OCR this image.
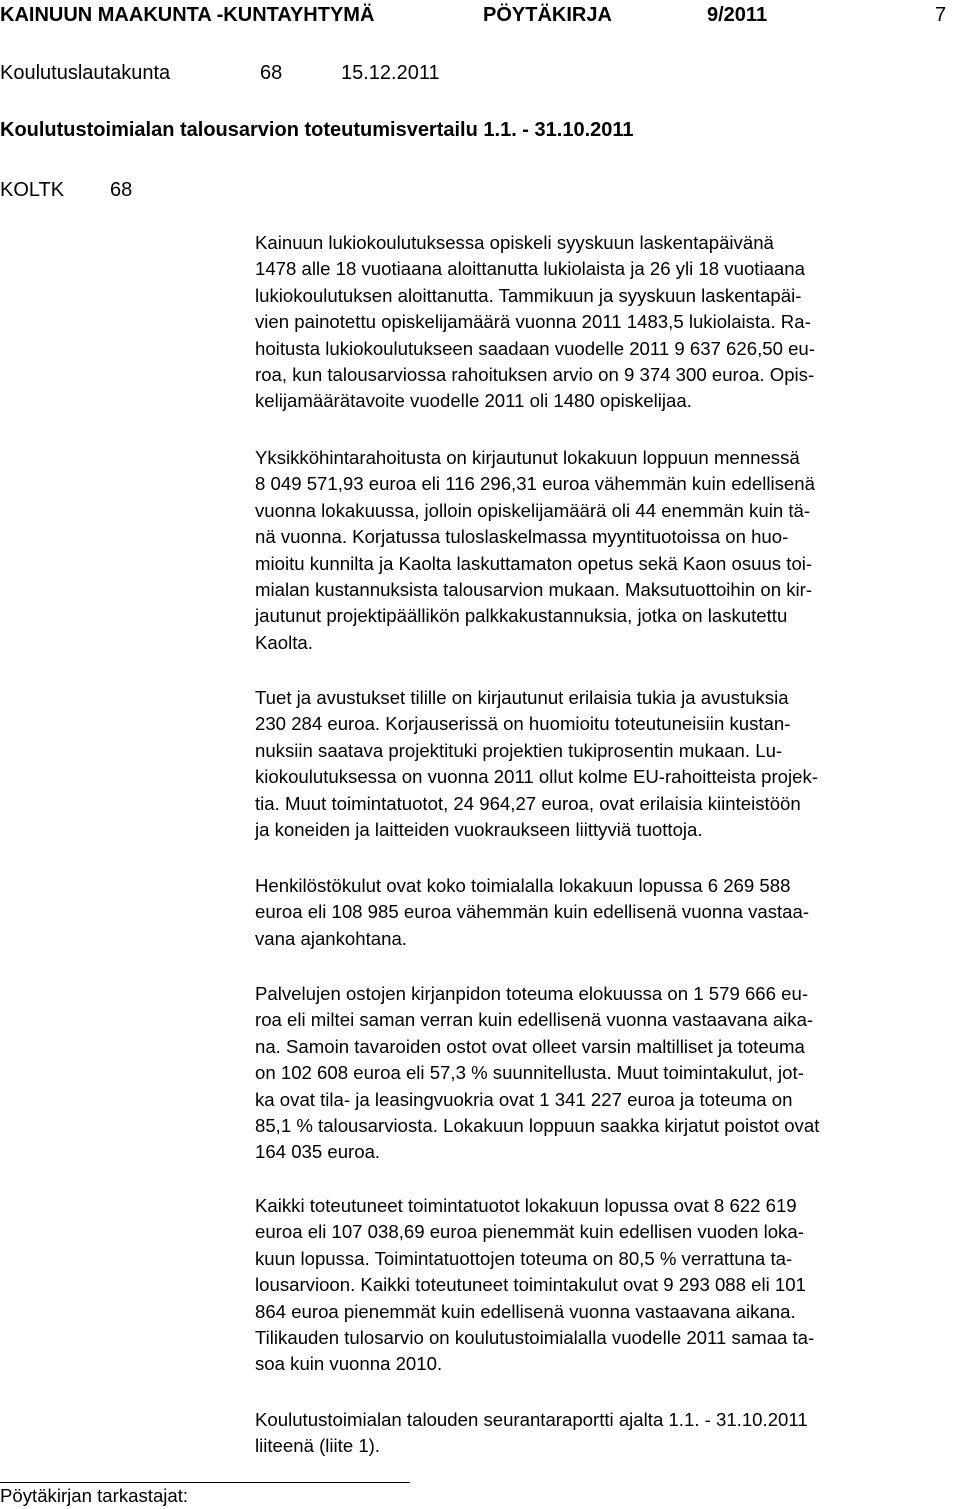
KAINUUN MAAKUNTA -KUNTAYHTYMÄ	PÖYTÄKIRJA	9/2011	7
Koulutuslautakunta	68	15.12.2011
Koulutustoimialan talousarvion toteutumisvertailu 1.1. - 31.10.2011
KOLTK 68
Kainuun lukiokoulutuksessa opiskeli syyskuun laskentapäivänä
1478 alle 18 vuotiaana aloittanutta lukiolaista ja 26 yli 18 vuotiaana
lukiokoulutuksen aloittanutta. Tammikuun ja syyskuun laskentapäi-
vien painotettu opiskelijamäärä vuonna 2011 1483,5 lukiolaista. Ra-
hoitusta lukiokoulutukseen saadaan vuodelle 2011 9 637 626,50 eu-
roa, kun talousarviossa rahoituksen arvio on 9 374 300 euroa. Opis-
kelijamäärätavoite vuodelle 2011 oli 1480 opiskelijaa.
Yksikköhintarahoitusta on kirjautunut lokakuun loppuun mennessä
8 049 571,93 euroa eli 116 296,31 euroa vähemmän kuin edellisenä
vuonna lokakuussa, jolloin opiskelijamäärä oli 44 enemmän kuin tä-
nä vuonna. Korjatussa tuloslaskelmassa myyntituotoissa on huo-
mioitu kunnilta ja Kaolta laskuttamaton opetus sekä Kaon osuus toi-
mialan kustannuksista talousarvion mukaan. Maksutuottoihin on kir-
jautunut projektipäällikön palkkakustannuksia, jotka on laskutettu
Kaolta.
Tuet ja avustukset tilille on kirjautunut erilaisia tukia ja avustuksia
230 284 euroa. Korjauserissä on huomioitu toteutuneisiin kustan-
nuksiin saatava projektituki projektien tukiprosentin mukaan. Lu-
kiokoulutuksessa on vuonna 2011 ollut kolme EU-rahoitteista projek-
tia. Muut toimintatuotot, 24 964,27 euroa, ovat erilaisia kiinteistöön
ja koneiden ja laitteiden vuokraukseen liittyviä tuottoja.
Henkilöstökulut ovat koko toimialalla lokakuun lopussa 6 269 588
euroa eli 108 985 euroa vähemmän kuin edellisenä vuonna vastaa-
vana ajankohtana.
Palvelujen ostojen kirjanpidon toteuma elokuussa on 1 579 666 eu-
roa eli miltei saman verran kuin edellisenä vuonna vastaavana aika-
na. Samoin tavaroiden ostot ovat olleet varsin maltilliset ja toteuma
on 102 608 euroa eli 57,3 % suunnitellusta. Muut toimintakulut, jot-
ka ovat tila- ja leasingvuokria ovat 1 341 227 euroa ja toteuma on
85,1 % talousarviosta. Lokakuun loppuun saakka kirjatut poistot ovat
164 035 euroa.
Kaikki toteutuneet toimintatuotot lokakuun lopussa ovat 8 622 619
euroa eli 107 038,69 euroa pienemmät kuin edellisen vuoden loka-
kuun lopussa. Toimintatuottojen toteuma on 80,5 % verrattuna ta-
lousarvioon. Kaikki toteutuneet toimintakulut ovat 9 293 088 eli 101
864 euroa pienemmät kuin edellisenä vuonna vastaavana aikana.
Tilikauden tulosarvio on koulutustoimialalla vuodelle 2011 samaa ta-
soa kuin vuonna 2010.
Koulutustoimialan talouden seurantaraportti ajalta 1.1. - 31.10.2011
liiteenä (liite 1).
Pöytäkirjan tarkastajat:
